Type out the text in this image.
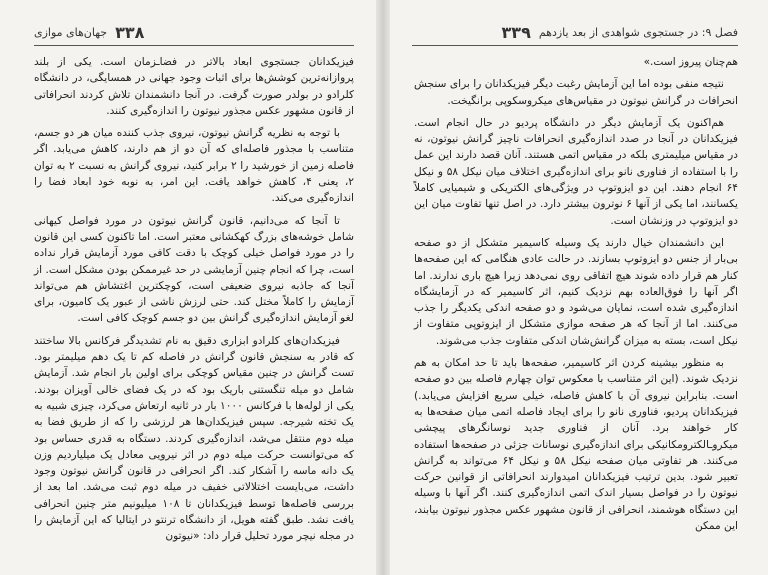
۳۳۸
جهان‌های موازی

فیزیکدانان جستجوی ابعاد بالاتر در فضا‌ـزمان است. یکی از بلند پروازانه‌ترین کوشش‌ها برای اثبات وجود جهانی در همسایگی، در دانشگاه کلرادو در بولدر صورت گرفت. در آنجا دانشمندان تلاش کردند انحرافاتی از قانون مشهور عکس مجذور نیوتون را اندازه‌گیری کنند.

با توجه به نظریه گرانش نیوتون، نیروی جذب کننده میان هر دو جسم، متناسب با مجذور فاصله‌ای که آن دو از هم دارند، کاهش می‌یابد. اگر فاصله زمین از خورشید را ۲ برابر کنید، نیروی گرانش به نسبت ۲ به توان ۲، یعنی ۴، کاهش خواهد یافت. این امر، به نوبه خود ابعاد فضا را اندازه‌گیری می‌کند.

تا آنجا که می‌دانیم، قانون گرانش نیوتون در مورد فواصل کیهانی شامل خوشه‌های بزرگ کهکشانی معتبر است. اما تاکنون کسی این قانون را در مورد فواصل خیلی کوچک با دقت کافی مورد آزمایش قرار نداده است، چرا که انجام چنین آزمایشی در حد غیرممکن بودن مشکل است. از آنجا که جاذبه نیروی ضعیفی است، کوچکترین اغتشاش هم می‌تواند آزمایش را کاملاً مختل کند. حتی لرزش ناشی از عبور یک کامیون، برای لغو آزمایش اندازه‌گیری گرانش بین دو جسم کوچک کافی است.

فیزیکدان‌های کلرادو ابزاری دقیق به نام تشدیدگر فرکانس بالا ساختند که قادر به سنجش قانون گرانش در فاصله کم تا یک دهم میلیمتر بود. تست گرانش در چنین مقیاس کوچکی برای اولین بار انجام شد. آزمایش شامل دو میله تنگستنی باریک بود که در یک فضای خالی آویزان بودند. یکی از لوله‌ها با فرکانس ۱۰۰۰ بار در ثانیه ارتعاش می‌کرد، چیزی شبیه به یک تخته شیرجه. سپس فیزیکدان‌ها هر لرزشی را که از طریق فضا به میله دوم منتقل می‌شد، اندازه‌گیری کردند. دستگاه به قدری حساس بود که می‌توانست حرکت میله دوم در اثر نیرویی معادل یک میلیاردیم وزن یک دانه ماسه را آشکار کند. اگر انحرافی در قانون گرانش نیوتون وجود داشت، می‌بایست اختلالاتی خفیف در میله دوم ثبت می‌شد. اما بعد از بررسی فاصله‌ها توسط فیزیکدانان تا ۱۰۸ میلیونیم متر چنین انحرافی یافت نشد. طبق گفته هویل، از دانشگاه ترنتو در ایتالیا که این آزمایش را در مجله نیچر مورد تحلیل قرار داد: «نیوتون

فصل ۹: در جستجوی شواهدی از بعد یازدهم
۳۳۹

هم‌چنان پیروز است.»

نتیجه منفی بوده اما این آزمایش رغبت دیگر فیزیکدانان را برای سنجش انحرافات در گرانش نیوتون در مقیاس‌های میکروسکوپی برانگیخت.

هم‌اکنون یک آزمایش دیگر در دانشگاه پردیو در حال انجام است. فیزیکدانان در آنجا در صدد اندازه‌گیری انحرافات ناچیز گرانش نیوتون، نه در مقیاس میلیمتری بلکه در مقیاس اتمی هستند. آنان قصد دارند این عمل را با استفاده از فناوری نانو برای اندازه‌گیری اختلاف میان نیکل ۵۸ و نیکل ۶۴ انجام دهند. این دو ایزوتوپ در ویژگی‌های الکتریکی و شیمیایی کاملاً یکسانند، اما یکی از آنها ۶ نوترون بیشتر دارد. در اصل تنها تفاوت میان این دو ایزوتوپ در وزنشان است.

این دانشمندان خیال دارند یک وسیله کاسیمیر متشکل از دو صفحه بی‌بار از جنس دو ایزوتوپ بسازند. در حالت عادی هنگامی که این صفحه‌ها کنار هم قرار داده شوند هیچ اتفاقی روی نمی‌دهد زیرا هیچ باری ندارند. اما اگر آنها را فوق‌العاده بهم نزدیک کنیم، اثر کاسیمیر که در آزمایشگاه اندازه‌گیری شده است، نمایان می‌شود و دو صفحه اندکی یکدیگر را جذب می‌کنند. اما از آنجا که هر صفحه موازی متشکل از ایزوتوپی متفاوت از نیکل است، بسته به میزان گرانش‌شان اندکی متفاوت جذب می‌شوند.

به منظور بیشینه کردن اثر کاسیمیر، صفحه‌ها باید تا حد امکان به هم نزدیک شوند. (این اثر متناسب با معکوس توان چهارم فاصله بین دو صفحه است. بنابراین نیروی آن با کاهش فاصله، خیلی سریع افزایش می‌یابد.) فیزیکدانان پردیو، فناوری نانو را برای ایجاد فاصله اتمی میان صفحه‌ها به کار خواهند برد. آنان از فناوری جدید نوسانگرهای پیچشی میکرو‌ـالکترومکانیکی برای اندازه‌گیری نوسانات جزئی در صفحه‌ها استفاده می‌کنند. هر تفاوتی میان صفحه نیکل ۵۸ و نیکل ۶۴ می‌تواند به گرانش تعبیر شود. بدین ترتیب فیزیکدانان امیدوارند انحرافاتی از قوانین حرکت نیوتون را در فواصل بسیار اندک اتمی اندازه‌گیری کنند. اگر آنها با وسیله این دستگاه هوشمند، انحرافی از قانون مشهور عکس مجذور نیوتون بیابند، این ممکن
